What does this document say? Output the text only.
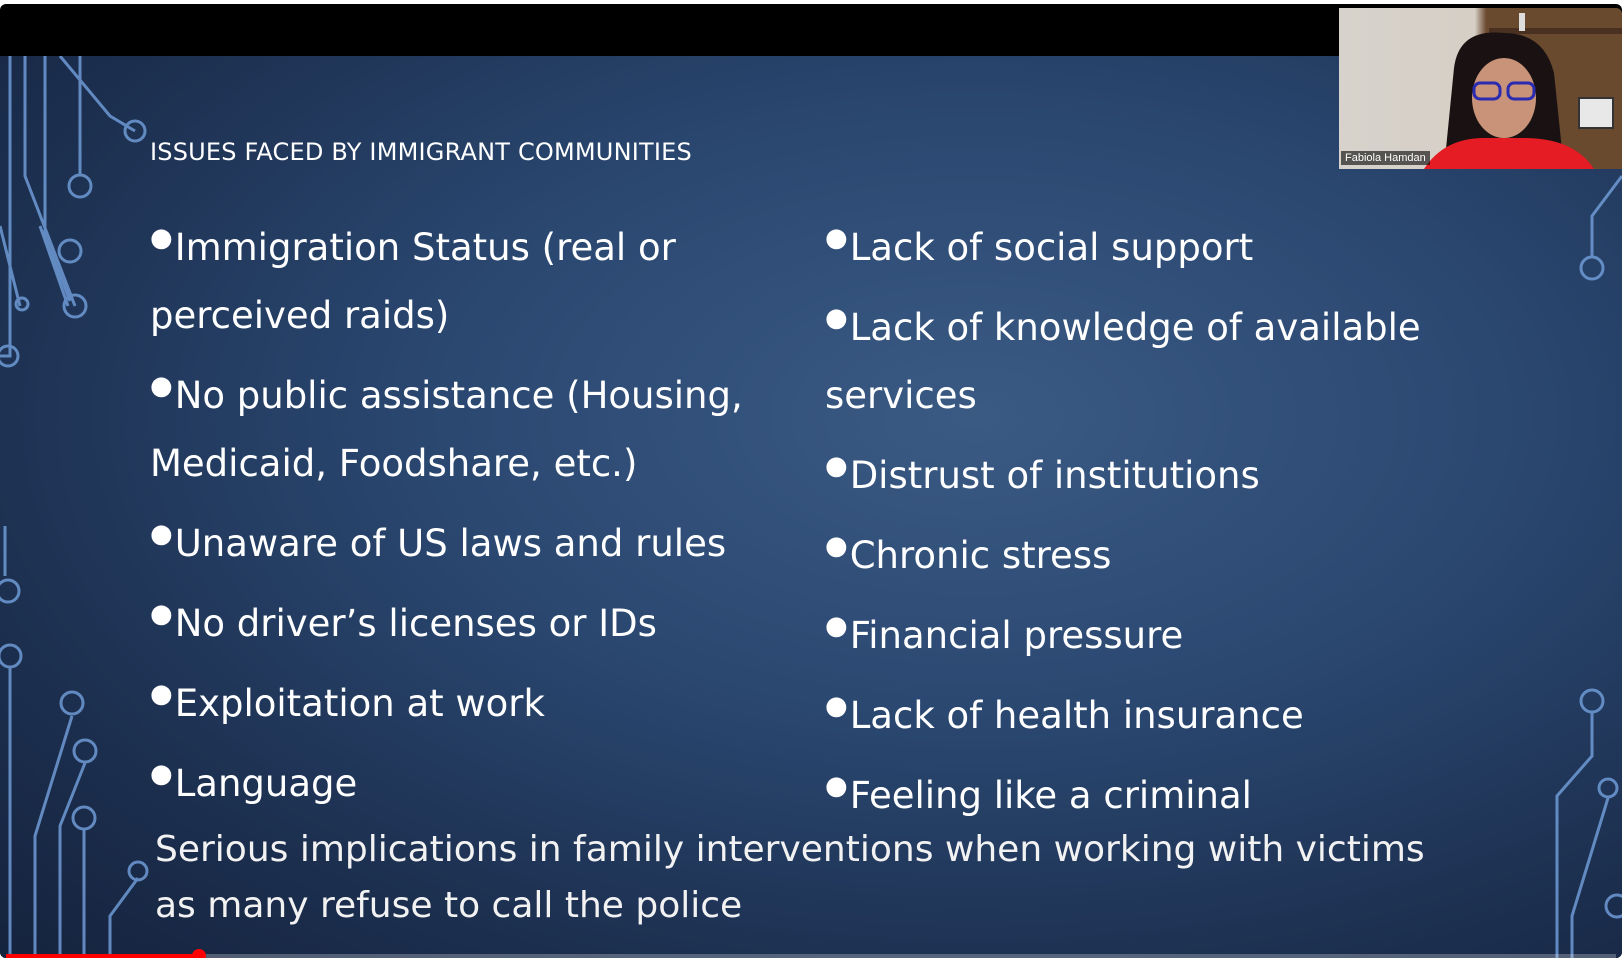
ISSUES FACED BY IMMIGRANT COMMUNITIES
●Immigration Status (real or perceived raids)
●No public assistance (Housing, Medicaid, Foodshare, etc.)
●Unaware of US laws and rules
●No driver’s licenses or IDs
●Exploitation at work
●Language
●Lack of social support
●Lack of knowledge of available services
●Distrust of institutions
●Chronic stress
●Financial pressure
●Lack of health insurance
●Feeling like a criminal
Serious implications in family interventions when working with victims as many refuse to call the police
Fabiola Hamdan
